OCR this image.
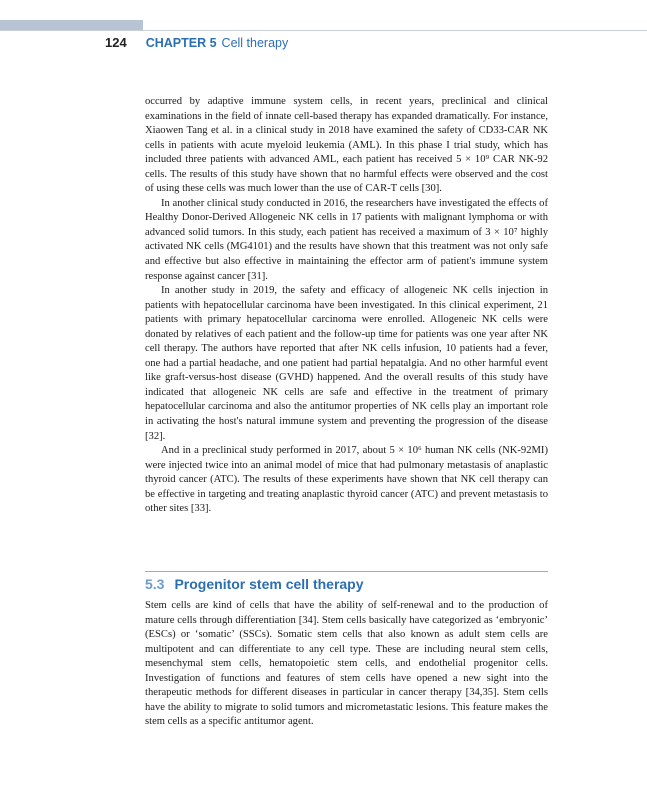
124 CHAPTER 5 Cell therapy

occurred by adaptive immune system cells, in recent years, preclinical and clinical examinations in the field of innate cell-based therapy has expanded dramatically. For instance, Xiaowen Tang et al. in a clinical study in 2018 have examined the safety of CD33-CAR NK cells in patients with acute myeloid leukemia (AML). In this phase I trial study, which has included three patients with advanced AML, each patient has received 5 × 10⁹ CAR NK-92 cells. The results of this study have shown that no harmful effects were observed and the cost of using these cells was much lower than the use of CAR-T cells [30].

In another clinical study conducted in 2016, the researchers have investigated the effects of Healthy Donor-Derived Allogeneic NK cells in 17 patients with malignant lymphoma or with advanced solid tumors. In this study, each patient has received a maximum of 3 × 10⁷ highly activated NK cells (MG4101) and the results have shown that this treatment was not only safe and effective but also effective in maintaining the effector arm of patient's immune system response against cancer [31].

In another study in 2019, the safety and efficacy of allogeneic NK cells injection in patients with hepatocellular carcinoma have been investigated. In this clinical experiment, 21 patients with primary hepatocellular carcinoma were enrolled. Allogeneic NK cells were donated by relatives of each patient and the follow-up time for patients was one year after NK cell therapy. The authors have reported that after NK cells infusion, 10 patients had a fever, one had a partial headache, and one patient had partial hepatalgia. And no other harmful event like graft-versus-host disease (GVHD) happened. And the overall results of this study have indicated that allogeneic NK cells are safe and effective in the treatment of primary hepatocellular carcinoma and also the antitumor properties of NK cells play an important role in activating the host's natural immune system and preventing the progression of the disease [32].

And in a preclinical study performed in 2017, about 5 × 10⁶ human NK cells (NK-92MI) were injected twice into an animal model of mice that had pulmonary metastasis of anaplastic thyroid cancer (ATC). The results of these experiments have shown that NK cell therapy can be effective in targeting and treating anaplastic thyroid cancer (ATC) and prevent metastasis to other sites [33].

5.3 Progenitor stem cell therapy

Stem cells are kind of cells that have the ability of self-renewal and to the production of mature cells through differentiation [34]. Stem cells basically have categorized as ‘embryonic’ (ESCs) or ‘somatic’ (SSCs). Somatic stem cells that also known as adult stem cells are multipotent and can differentiate to any cell type. These are including neural stem cells, mesenchymal stem cells, hematopoietic stem cells, and endothelial progenitor cells. Investigation of functions and features of stem cells have opened a new sight into the therapeutic methods for different diseases in particular in cancer therapy [34,35]. Stem cells have the ability to migrate to solid tumors and micrometastatic lesions. This feature makes the stem cells as a specific antitumor agent.
